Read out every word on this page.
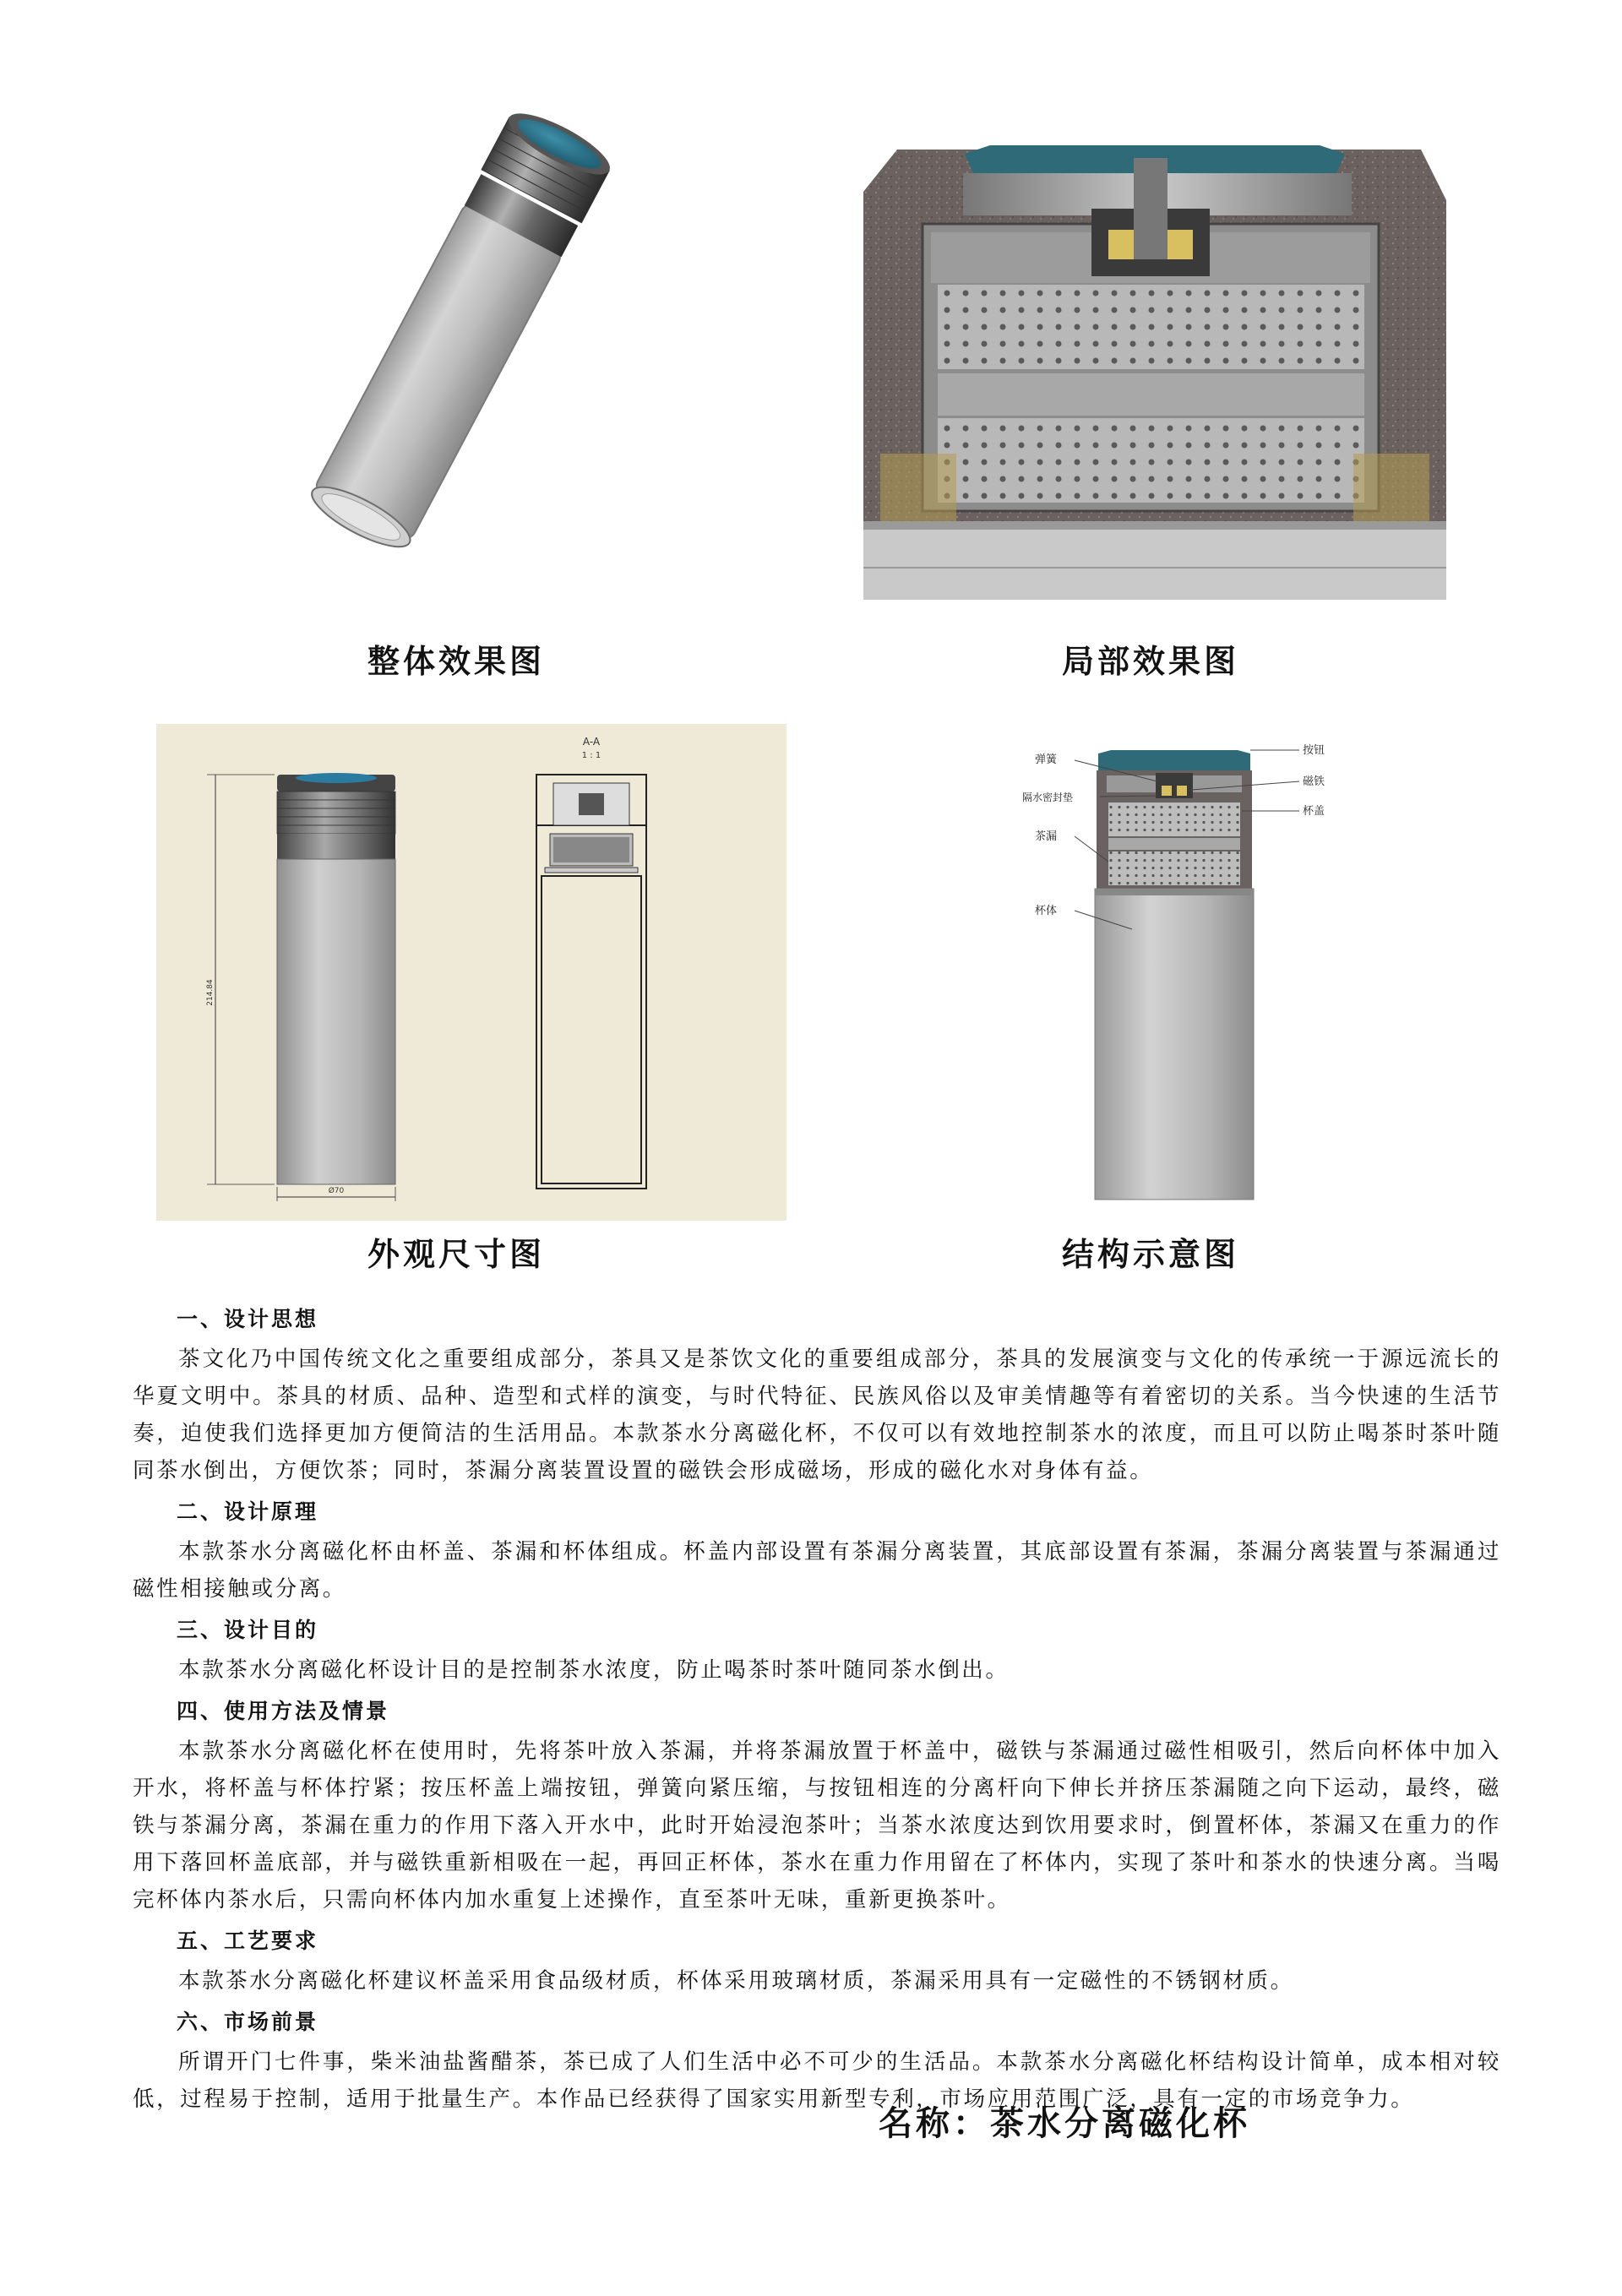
整体效果图	局部效果图
214.84
Ø70
A-A
1 : 1
外观尺寸图
弹簧
隔水密封垫
茶漏
杯体
按钮
磁铁
杯盖
结构示意图
一、设计思想

茶文化乃中国传统文化之重要组成部分，茶具又是茶饮文化的重要组成部分，茶具的发展演变与文化的传承统一于源远流长的华夏文明中。茶具的材质、品种、造型和式样的演变，与时代特征、民族风俗以及审美情趣等有着密切的关系。当今快速的生活节奏，迫使我们选择更加方便简洁的生活用品。本款茶水分离磁化杯，不仅可以有效地控制茶水的浓度，而且可以防止喝茶时茶叶随同茶水倒出，方便饮茶；同时，茶漏分离装置设置的磁铁会形成磁场，形成的磁化水对身体有益。

二、设计原理

本款茶水分离磁化杯由杯盖、茶漏和杯体组成。杯盖内部设置有茶漏分离装置，其底部设置有茶漏，茶漏分离装置与茶漏通过磁性相接触或分离。

三、设计目的

本款茶水分离磁化杯设计目的是控制茶水浓度，防止喝茶时茶叶随同茶水倒出。

四、使用方法及情景

本款茶水分离磁化杯在使用时，先将茶叶放入茶漏，并将茶漏放置于杯盖中，磁铁与茶漏通过磁性相吸引，然后向杯体中加入开水，将杯盖与杯体拧紧；按压杯盖上端按钮，弹簧向紧压缩，与按钮相连的分离杆向下伸长并挤压茶漏随之向下运动，最终，磁铁与茶漏分离，茶漏在重力的作用下落入开水中，此时开始浸泡茶叶；当茶水浓度达到饮用要求时，倒置杯体，茶漏又在重力的作用下落回杯盖底部，并与磁铁重新相吸在一起，再回正杯体，茶水在重力作用留在了杯体内，实现了茶叶和茶水的快速分离。当喝完杯体内茶水后，只需向杯体内加水重复上述操作，直至茶叶无味，重新更换茶叶。

五、工艺要求

本款茶水分离磁化杯建议杯盖采用食品级材质，杯体采用玻璃材质，茶漏采用具有一定磁性的不锈钢材质。

六、市场前景

所谓开门七件事，柴米油盐酱醋茶，茶已成了人们生活中必不可少的生活品。本款茶水分离磁化杯结构设计简单，成本相对较低，过程易于控制，适用于批量生产。本作品已经获得了国家实用新型专利，市场应用范围广泛，具有一定的市场竞争力。

名称：茶水分离磁化杯
